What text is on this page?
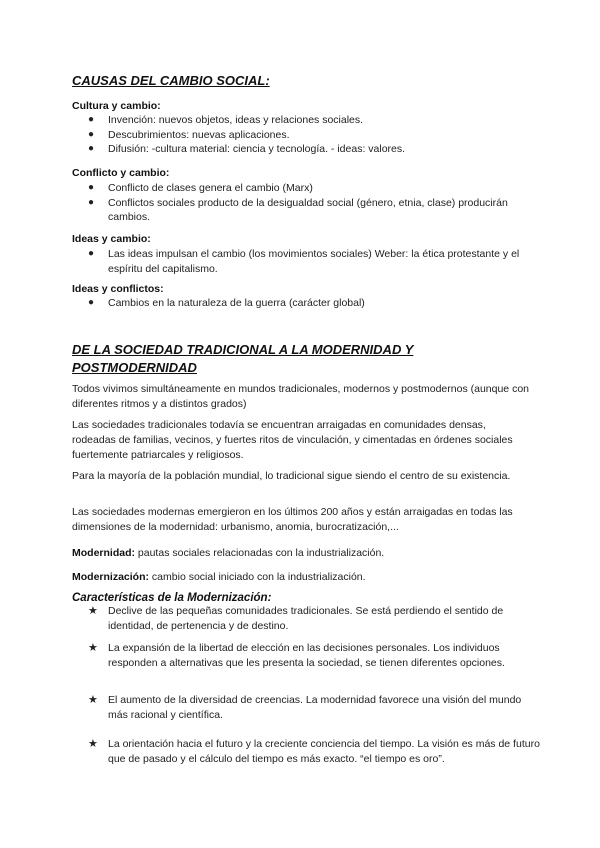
CAUSAS DEL CAMBIO SOCIAL:
Cultura y cambio:
● Invención: nuevos objetos, ideas y relaciones sociales.
● Descubrimientos: nuevas aplicaciones.
● Difusión: -cultura material: ciencia y tecnología. - ideas: valores.
Conflicto y cambio:
● Conflicto de clases genera el cambio (Marx)
● Conflictos sociales producto de la desigualdad social (género, etnia, clase) producirán cambios.
Ideas y cambio:
● Las ideas impulsan el cambio (los movimientos sociales) Weber: la ética protestante y el espíritu del capitalismo.
Ideas y conflictos:
● Cambios en la naturaleza de la guerra (carácter global)
DE LA SOCIEDAD TRADICIONAL A LA MODERNIDAD Y POSTMODERNIDAD

Todos vivimos simultáneamente en mundos tradicionales, modernos y postmodernos (aunque con diferentes ritmos y a distintos grados)

Las sociedades tradicionales todavía se encuentran arraigadas en comunidades densas, rodeadas de familias, vecinos, y fuertes ritos de vinculación, y cimentadas en órdenes sociales fuertemente patriarcales y religiosos.

Para la mayoría de la población mundial, lo tradicional sigue siendo el centro de su existencia.

Las sociedades modernas emergieron en los últimos 200 años y están arraigadas en todas las dimensiones de la modernidad: urbanismo, anomia, burocratización,...

Modernidad: pautas sociales relacionadas con la industrialización.

Modernización: cambio social iniciado con la industrialización.

Características de la Modernización:
★ Declive de las pequeñas comunidades tradicionales. Se está perdiendo el sentido de identidad, de pertenencia y de destino.
★ La expansión de la libertad de elección en las decisiones personales. Los individuos responden a alternativas que les presenta la sociedad, se tienen diferentes opciones.
★ El aumento de la diversidad de creencias. La modernidad favorece una visión del mundo más racional y científica.
★ La orientación hacia el futuro y la creciente conciencia del tiempo. La visión es más de futuro que de pasado y el cálculo del tiempo es más exacto. “el tiempo es oro”.
